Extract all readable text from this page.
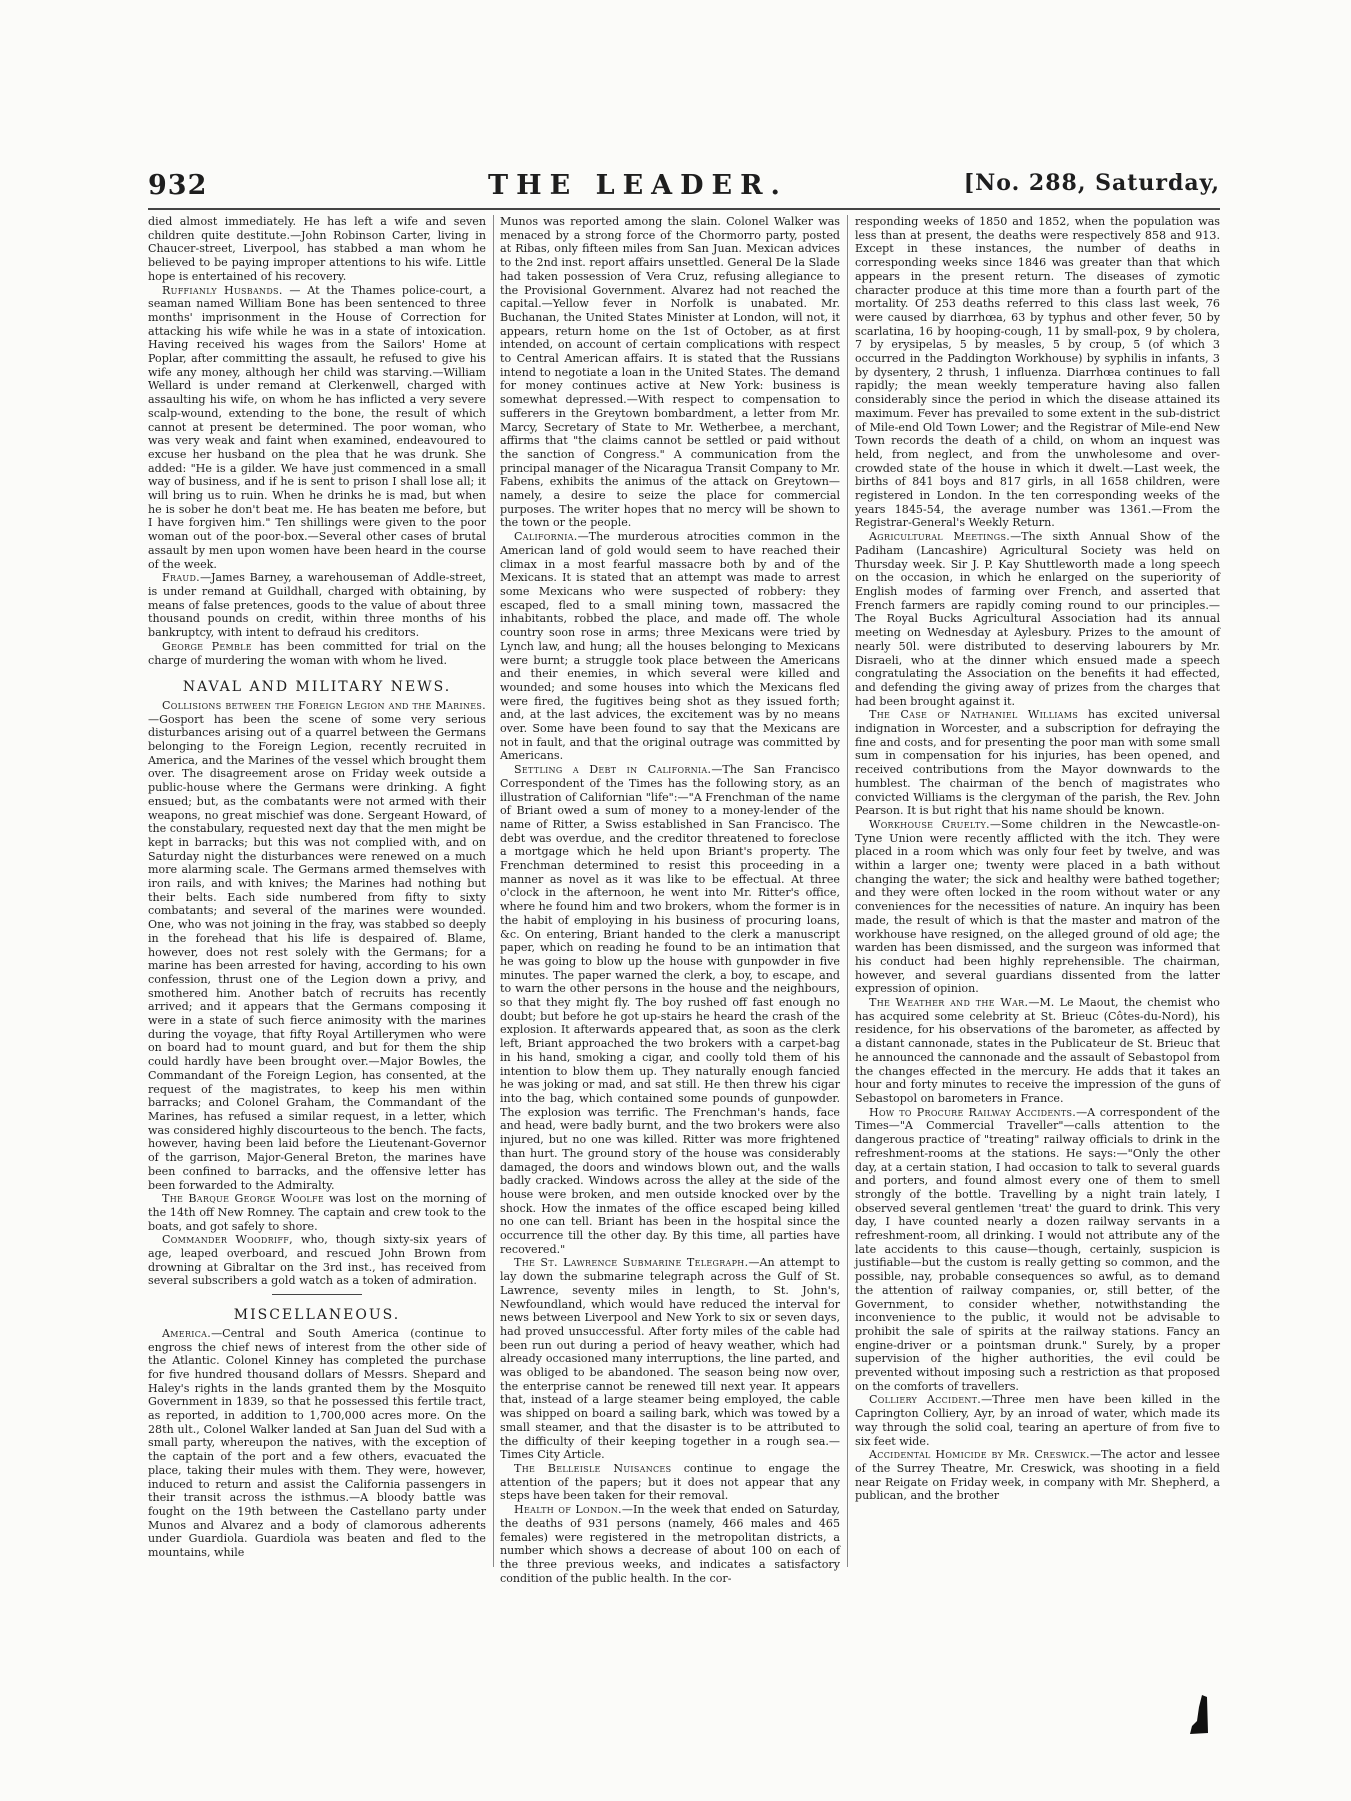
932	THE LEADER.	[No. 288, Saturday,

died almost immediately. He has left a wife and seven children quite destitute.—John Robinson Carter, living in Chaucer-street, Liverpool, has stabbed a man whom he believed to be paying improper attentions to his wife. Little hope is entertained of his recovery.

Ruffianly Husbands. — At the Thames police-court, a seaman named William Bone has been sentenced to three months' imprisonment in the House of Correction for attacking his wife while he was in a state of intoxication. Having received his wages from the Sailors' Home at Poplar, after committing the assault, he refused to give his wife any money, although her child was starving.—William Wellard is under remand at Clerkenwell, charged with assaulting his wife, on whom he has inflicted a very severe scalp-wound, extending to the bone, the result of which cannot at present be determined. The poor woman, who was very weak and faint when examined, endeavoured to excuse her husband on the plea that he was drunk. She added: "He is a gilder. We have just commenced in a small way of business, and if he is sent to prison I shall lose all; it will bring us to ruin. When he drinks he is mad, but when he is sober he don't beat me. He has beaten me before, but I have forgiven him." Ten shillings were given to the poor woman out of the poor-box.—Several other cases of brutal assault by men upon women have been heard in the course of the week.

Fraud.—James Barney, a warehouseman of Addle-street, is under remand at Guildhall, charged with obtaining, by means of false pretences, goods to the value of about three thousand pounds on credit, within three months of his bankruptcy, with intent to defraud his creditors.

George Pemble has been committed for trial on the charge of murdering the woman with whom he lived.

NAVAL AND MILITARY NEWS.

Collisions between the Foreign Legion and the Marines.—Gosport has been the scene of some very serious disturbances arising out of a quarrel between the Germans belonging to the Foreign Legion, recently recruited in America, and the Marines of the vessel which brought them over. The disagreement arose on Friday week outside a public-house where the Germans were drinking. A fight ensued; but, as the combatants were not armed with their weapons, no great mischief was done. Sergeant Howard, of the constabulary, requested next day that the men might be kept in barracks; but this was not complied with, and on Saturday night the disturbances were renewed on a much more alarming scale. The Germans armed themselves with iron rails, and with knives; the Marines had nothing but their belts. Each side numbered from fifty to sixty combatants; and several of the marines were wounded. One, who was not joining in the fray, was stabbed so deeply in the forehead that his life is despaired of. Blame, however, does not rest solely with the Germans; for a marine has been arrested for having, according to his own confession, thrust one of the Legion down a privy, and smothered him. Another batch of recruits has recently arrived; and it appears that the Germans composing it were in a state of such fierce animosity with the marines during the voyage, that fifty Royal Artillerymen who were on board had to mount guard, and but for them the ship could hardly have been brought over.—Major Bowles, the Commandant of the Foreign Legion, has consented, at the request of the magistrates, to keep his men within barracks; and Colonel Graham, the Commandant of the Marines, has refused a similar request, in a letter, which was considered highly discourteous to the bench. The facts, however, having been laid before the Lieutenant-Governor of the garrison, Major-General Breton, the marines have been confined to barracks, and the offensive letter has been forwarded to the Admiralty.

The Barque George Woolfe was lost on the morning of the 14th off New Romney. The captain and crew took to the boats, and got safely to shore.

Commander Woodriff, who, though sixty-six years of age, leaped overboard, and rescued John Brown from drowning at Gibraltar on the 3rd inst., has received from several subscribers a gold watch as a token of admiration.

MISCELLANEOUS.

America.—Central and South America (continue to engross the chief news of interest from the other side of the Atlantic. Colonel Kinney has completed the purchase for five hundred thousand dollars of Messrs. Shepard and Haley's rights in the lands granted them by the Mosquito Government in 1839, so that he possessed this fertile tract, as reported, in addition to 1,700,000 acres more. On the 28th ult., Colonel Walker landed at San Juan del Sud with a small party, whereupon the natives, with the exception of the captain of the port and a few others, evacuated the place, taking their mules with them. They were, however, induced to return and assist the California passengers in their transit across the isthmus.—A bloody battle was fought on the 19th between the Castellano party under Munos and Alvarez and a body of clamorous adherents under Guardiola. Guardiola was beaten and fled to the mountains, while

Munos was reported among the slain. Colonel Walker was menaced by a strong force of the Chormorro party, posted at Ribas, only fifteen miles from San Juan. Mexican advices to the 2nd inst. report affairs unsettled. General De la Slade had taken possession of Vera Cruz, refusing allegiance to the Provisional Government. Alvarez had not reached the capital.—Yellow fever in Norfolk is unabated. Mr. Buchanan, the United States Minister at London, will not, it appears, return home on the 1st of October, as at first intended, on account of certain complications with respect to Central American affairs. It is stated that the Russians intend to negotiate a loan in the United States. The demand for money continues active at New York: business is somewhat depressed.—With respect to compensation to sufferers in the Greytown bombardment, a letter from Mr. Marcy, Secretary of State to Mr. Wetherbee, a merchant, affirms that "the claims cannot be settled or paid without the sanction of Congress." A communication from the principal manager of the Nicaragua Transit Company to Mr. Fabens, exhibits the animus of the attack on Greytown—namely, a desire to seize the place for commercial purposes. The writer hopes that no mercy will be shown to the town or the people.

California.—The murderous atrocities common in the American land of gold would seem to have reached their climax in a most fearful massacre both by and of the Mexicans. It is stated that an attempt was made to arrest some Mexicans who were suspected of robbery: they escaped, fled to a small mining town, massacred the inhabitants, robbed the place, and made off. The whole country soon rose in arms; three Mexicans were tried by Lynch law, and hung; all the houses belonging to Mexicans were burnt; a struggle took place between the Americans and their enemies, in which several were killed and wounded; and some houses into which the Mexicans fled were fired, the fugitives being shot as they issued forth; and, at the last advices, the excitement was by no means over. Some have been found to say that the Mexicans are not in fault, and that the original outrage was committed by Americans.

Settling a Debt in California.—The San Francisco Correspondent of the Times has the following story, as an illustration of Californian "life":—"A Frenchman of the name of Briant owed a sum of money to a money-lender of the name of Ritter, a Swiss established in San Francisco. The debt was overdue, and the creditor threatened to foreclose a mortgage which he held upon Briant's property. The Frenchman determined to resist this proceeding in a manner as novel as it was like to be effectual. At three o'clock in the afternoon, he went into Mr. Ritter's office, where he found him and two brokers, whom the former is in the habit of employing in his business of procuring loans, &c. On entering, Briant handed to the clerk a manuscript paper, which on reading he found to be an intimation that he was going to blow up the house with gunpowder in five minutes. The paper warned the clerk, a boy, to escape, and to warn the other persons in the house and the neighbours, so that they might fly. The boy rushed off fast enough no doubt; but before he got up-stairs he heard the crash of the explosion. It afterwards appeared that, as soon as the clerk left, Briant approached the two brokers with a carpet-bag in his hand, smoking a cigar, and coolly told them of his intention to blow them up. They naturally enough fancied he was joking or mad, and sat still. He then threw his cigar into the bag, which contained some pounds of gunpowder. The explosion was terrific. The Frenchman's hands, face and head, were badly burnt, and the two brokers were also injured, but no one was killed. Ritter was more frightened than hurt. The ground story of the house was considerably damaged, the doors and windows blown out, and the walls badly cracked. Windows across the alley at the side of the house were broken, and men outside knocked over by the shock. How the inmates of the office escaped being killed no one can tell. Briant has been in the hospital since the occurrence till the other day. By this time, all parties have recovered."

The St. Lawrence Submarine Telegraph.—An attempt to lay down the submarine telegraph across the Gulf of St. Lawrence, seventy miles in length, to St. John's, Newfoundland, which would have reduced the interval for news between Liverpool and New York to six or seven days, had proved unsuccessful. After forty miles of the cable had been run out during a period of heavy weather, which had already occasioned many interruptions, the line parted, and was obliged to be abandoned. The season being now over, the enterprise cannot be renewed till next year. It appears that, instead of a large steamer being employed, the cable was shipped on board a sailing bark, which was towed by a small steamer, and that the disaster is to be attributed to the difficulty of their keeping together in a rough sea.—Times City Article.

The Belleisle Nuisances continue to engage the attention of the papers; but it does not appear that any steps have been taken for their removal.

Health of London.—In the week that ended on Saturday, the deaths of 931 persons (namely, 466 males and 465 females) were registered in the metropolitan districts, a number which shows a decrease of about 100 on each of the three previous weeks, and indicates a satisfactory condition of the public health. In the cor-

responding weeks of 1850 and 1852, when the population was less than at present, the deaths were respectively 858 and 913. Except in these instances, the number of deaths in corresponding weeks since 1846 was greater than that which appears in the present return. The diseases of zymotic character produce at this time more than a fourth part of the mortality. Of 253 deaths referred to this class last week, 76 were caused by diarrhœa, 63 by typhus and other fever, 50 by scarlatina, 16 by hooping-cough, 11 by small-pox, 9 by cholera, 7 by erysipelas, 5 by measles, 5 by croup, 5 (of which 3 occurred in the Paddington Workhouse) by syphilis in infants, 3 by dysentery, 2 thrush, 1 influenza. Diarrhœa continues to fall rapidly; the mean weekly temperature having also fallen considerably since the period in which the disease attained its maximum. Fever has prevailed to some extent in the sub-district of Mile-end Old Town Lower; and the Registrar of Mile-end New Town records the death of a child, on whom an inquest was held, from neglect, and from the unwholesome and over-crowded state of the house in which it dwelt.—Last week, the births of 841 boys and 817 girls, in all 1658 children, were registered in London. In the ten corresponding weeks of the years 1845-54, the average number was 1361.—From the Registrar-General's Weekly Return.

Agricultural Meetings.—The sixth Annual Show of the Padiham (Lancashire) Agricultural Society was held on Thursday week. Sir J. P. Kay Shuttleworth made a long speech on the occasion, in which he enlarged on the superiority of English modes of farming over French, and asserted that French farmers are rapidly coming round to our principles.—The Royal Bucks Agricultural Association had its annual meeting on Wednesday at Aylesbury. Prizes to the amount of nearly 50l. were distributed to deserving labourers by Mr. Disraeli, who at the dinner which ensued made a speech congratulating the Association on the benefits it had effected, and defending the giving away of prizes from the charges that had been brought against it.

The Case of Nathaniel Williams has excited universal indignation in Worcester, and a subscription for defraying the fine and costs, and for presenting the poor man with some small sum in compensation for his injuries, has been opened, and received contributions from the Mayor downwards to the humblest. The chairman of the bench of magistrates who convicted Williams is the clergyman of the parish, the Rev. John Pearson. It is but right that his name should be known.

Workhouse Cruelty.—Some children in the Newcastle-on-Tyne Union were recently afflicted with the itch. They were placed in a room which was only four feet by twelve, and was within a larger one; twenty were placed in a bath without changing the water; the sick and healthy were bathed together; and they were often locked in the room without water or any conveniences for the necessities of nature. An inquiry has been made, the result of which is that the master and matron of the workhouse have resigned, on the alleged ground of old age; the warden has been dismissed, and the surgeon was informed that his conduct had been highly reprehensible. The chairman, however, and several guardians dissented from the latter expression of opinion.

The Weather and the War.—M. Le Maout, the chemist who has acquired some celebrity at St. Brieuc (Côtes-du-Nord), his residence, for his observations of the barometer, as affected by a distant cannonade, states in the Publicateur de St. Brieuc that he announced the cannonade and the assault of Sebastopol from the changes effected in the mercury. He adds that it takes an hour and forty minutes to receive the impression of the guns of Sebastopol on barometers in France.

How to Procure Railway Accidents.—A correspondent of the Times—"A Commercial Traveller"—calls attention to the dangerous practice of "treating" railway officials to drink in the refreshment-rooms at the stations. He says:—"Only the other day, at a certain station, I had occasion to talk to several guards and porters, and found almost every one of them to smell strongly of the bottle. Travelling by a night train lately, I observed several gentlemen 'treat' the guard to drink. This very day, I have counted nearly a dozen railway servants in a refreshment-room, all drinking. I would not attribute any of the late accidents to this cause—though, certainly, suspicion is justifiable—but the custom is really getting so common, and the possible, nay, probable consequences so awful, as to demand the attention of railway companies, or, still better, of the Government, to consider whether, notwithstanding the inconvenience to the public, it would not be advisable to prohibit the sale of spirits at the railway stations. Fancy an engine-driver or a pointsman drunk." Surely, by a proper supervision of the higher authorities, the evil could be prevented without imposing such a restriction as that proposed on the comforts of travellers.

Colliery Accident.—Three men have been killed in the Caprington Colliery, Ayr, by an inroad of water, which made its way through the solid coal, tearing an aperture of from five to six feet wide.

Accidental Homicide by Mr. Creswick.—The actor and lessee of the Surrey Theatre, Mr. Creswick, was shooting in a field near Reigate on Friday week, in company with Mr. Shepherd, a publican, and the brother
